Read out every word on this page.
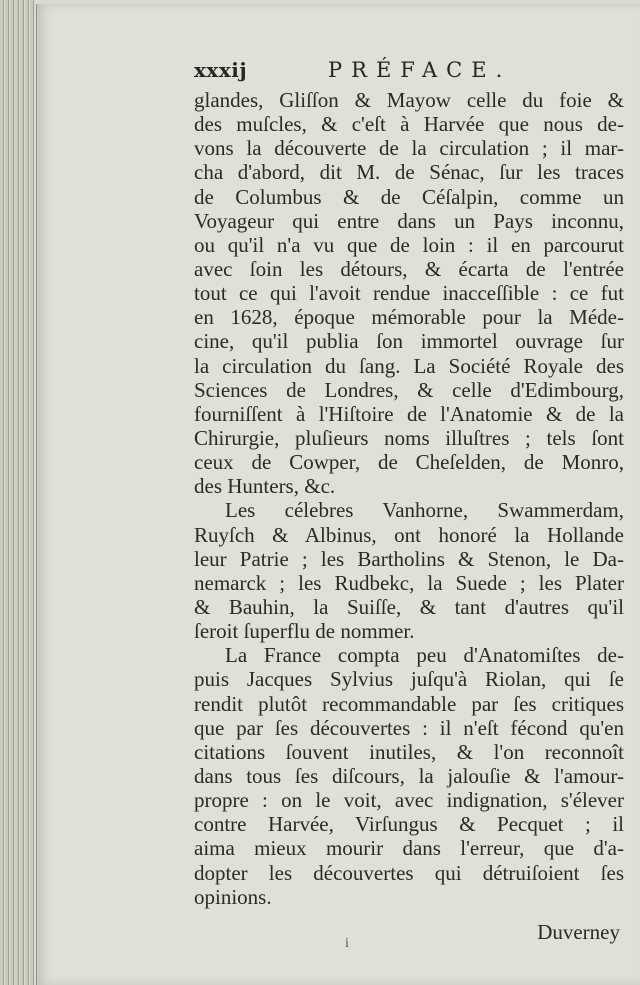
xxxij	PRÉFACE.
glandes, Gliſſon & Mayow celle du foie &
des muſcles, & c'eſt à Harvée que nous de-
vons la découverte de la circulation ; il mar-
cha d'abord, dit M. de Sénac, ſur les traces
de Columbus & de Céſalpin, comme un
Voyageur qui entre dans un Pays inconnu,
ou qu'il n'a vu que de loin : il en parcourut
avec ſoin les détours, & écarta de l'entrée
tout ce qui l'avoit rendue inacceſſible : ce fut
en 1628, époque mémorable pour la Méde-
cine, qu'il publia ſon immortel ouvrage ſur
la circulation du ſang. La Société Royale des
Sciences de Londres, & celle d'Edimbourg,
fourniſſent à l'Hiſtoire de l'Anatomie & de la
Chirurgie, pluſieurs noms illuſtres ; tels ſont
ceux de Cowper, de Cheſelden, de Monro,
des Hunters, &c.
Les célebres Vanhorne, Swammerdam,
Ruyſch & Albinus, ont honoré la Hollande
leur Patrie ; les Bartholins & Stenon, le Da-
nemarck ; les Rudbekc, la Suede ; les Plater
& Bauhin, la Suiſſe, & tant d'autres qu'il
ſeroit ſuperflu de nommer.
La France compta peu d'Anatomiſtes de-
puis Jacques Sylvius juſqu'à Riolan, qui ſe
rendit plutôt recommandable par ſes critiques
que par ſes découvertes : il n'eſt fécond qu'en
citations ſouvent inutiles, & l'on reconnoît
dans tous ſes diſcours, la jalouſie & l'amour-
propre : on le voit, avec indignation, s'élever
contre Harvée, Virſungus & Pecquet ; il
aima mieux mourir dans l'erreur, que d'a-
dopter les découvertes qui détruiſoient ſes
opinions.
Duverney
i
